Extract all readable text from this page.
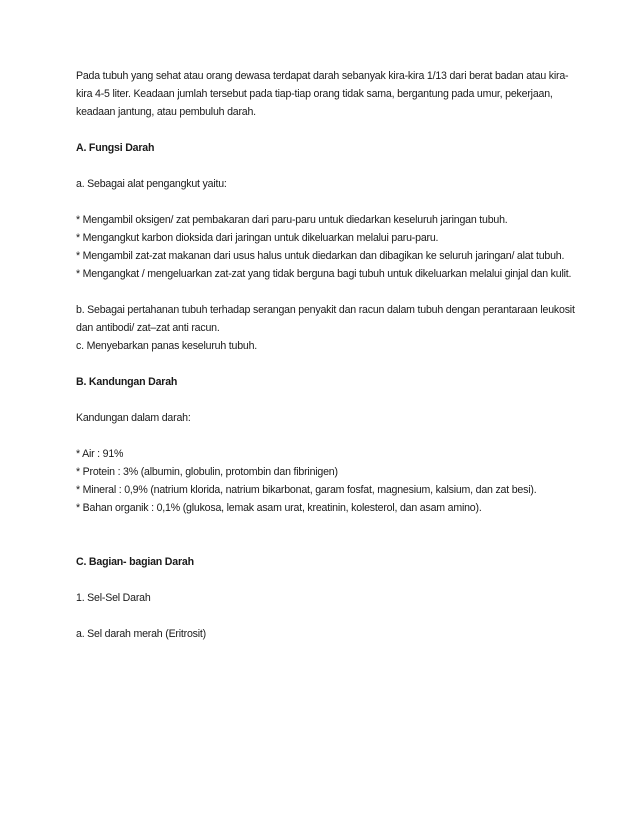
Pada tubuh yang sehat atau orang dewasa terdapat darah sebanyak kira-kira 1/13 dari berat badan atau kira-kira 4-5 liter. Keadaan jumlah tersebut pada tiap-tiap orang tidak sama, bergantung pada umur, pekerjaan, keadaan jantung, atau pembuluh darah.

A. Fungsi Darah

a. Sebagai alat pengangkut yaitu:

* Mengambil oksigen/ zat pembakaran dari paru-paru untuk diedarkan keseluruh jaringan tubuh.

* Mengangkut karbon dioksida dari jaringan untuk dikeluarkan melalui paru-paru.

* Mengambil zat-zat makanan dari usus halus untuk diedarkan dan dibagikan ke seluruh jaringan/ alat tubuh.

* Mengangkat / mengeluarkan zat-zat yang tidak berguna bagi tubuh untuk dikeluarkan melalui ginjal dan kulit.

b. Sebagai pertahanan tubuh terhadap serangan penyakit dan racun dalam tubuh dengan perantaraan leukosit dan antibodi/ zat–zat anti racun.

c. Menyebarkan panas keseluruh tubuh.

B. Kandungan Darah

Kandungan dalam darah:

* Air : 91%

* Protein : 3% (albumin, globulin, protombin dan fibrinigen)

* Mineral : 0,9% (natrium klorida, natrium bikarbonat, garam fosfat, magnesium, kalsium, dan zat besi).

* Bahan organik : 0,1% (glukosa, lemak asam urat, kreatinin, kolesterol, dan asam amino).

C. Bagian- bagian Darah

1. Sel-Sel Darah

a. Sel darah merah (Eritrosit)
